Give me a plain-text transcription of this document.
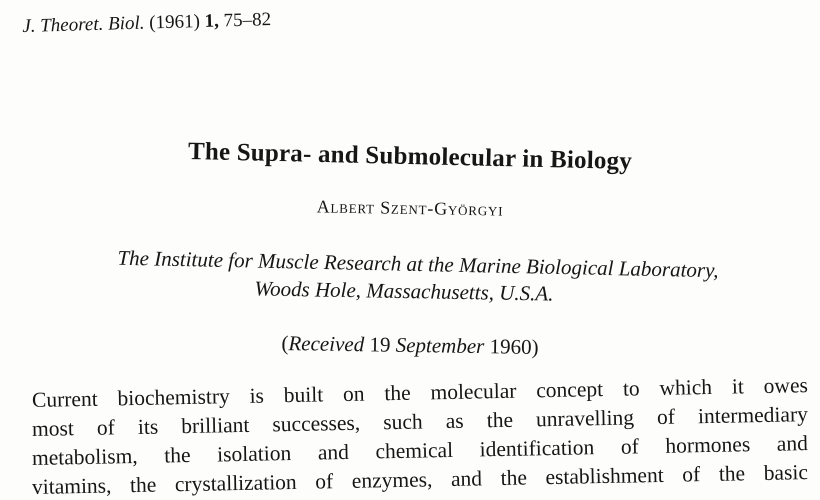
J. Theoret. Biol. (1961) 1, 75–82
The Supra- and Submolecular in Biology
Albert Szent-Györgyi
The Institute for Muscle Research at the Marine Biological Laboratory,
Woods Hole, Massachusetts, U.S.A.
(Received 19 September 1960)
Current biochemistry is built on the molecular concept to which it owes
most of its brilliant successes, such as the unravelling of intermediary
metabolism, the isolation and chemical identification of hormones and
vitamins, the crystallization of enzymes, and the establishment of the basic
